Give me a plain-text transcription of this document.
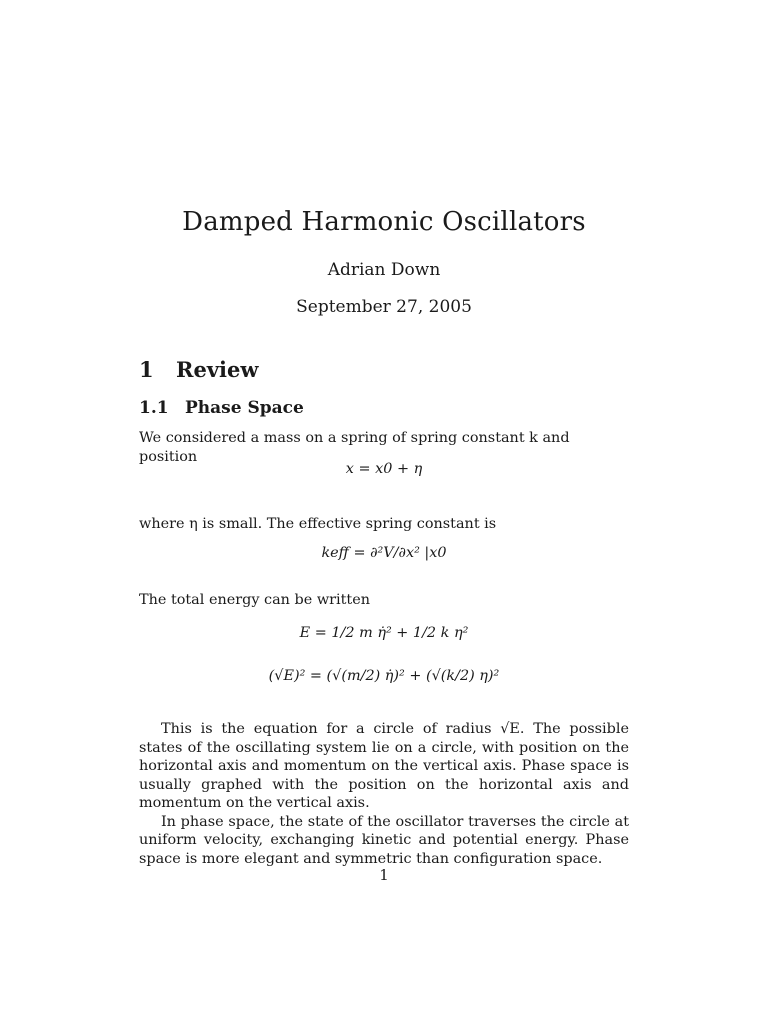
Damped Harmonic Oscillators
Adrian Down
September 27, 2005
1 Review
1.1 Phase Space
We considered a mass on a spring of spring constant k and position
x = x0 + η
where η is small. The effective spring constant is
keff = ∂²V/∂x² |x0
The total energy can be written
E = 1/2 m η̇² + 1/2 k η²
(√E)² = (√(m/2) η̇)² + (√(k/2) η)²
This is the equation for a circle of radius √E. The possible states of the oscillating system lie on a circle, with position on the horizontal axis and momentum on the vertical axis. Phase space is usually graphed with the position on the horizontal axis and momentum on the vertical axis.
In phase space, the state of the oscillator traverses the circle at uniform velocity, exchanging kinetic and potential energy. Phase space is more elegant and symmetric than configuration space.
1
